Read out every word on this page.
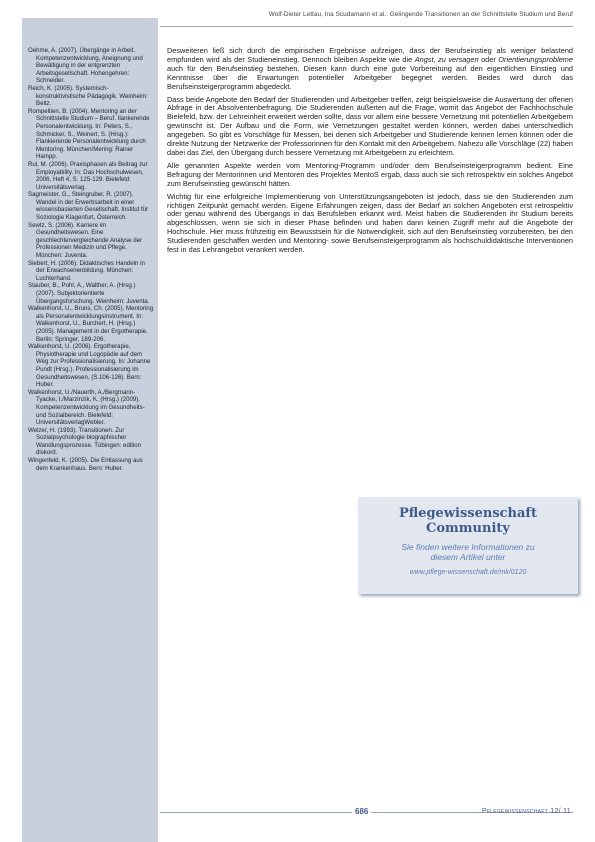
Wolf-Dieter Lettau, Ina Scudamann et al.: Gelingende Transitionen an der Schnittstelle Studium und Beruf

Oehme, A. (2007). Übergänge in Arbeit. Kompetenzentwicklung, Aneignung und Bewältigung in der entgrenzten Arbeitsgesellschaft. Hohengehren: Schneider.

Reich, K. (2005). Systemisch-konstruktivistische Pädagogik. Weinheim: Beltz.

Rompeltien, B. (2004). Mentoring an der Schnittstelle Studium – Beruf. Ilankerende Personalentwicklung. In: Peters, S., Schmicker, S., Weinert, S. (Hrsg.): Flankierende Personalentwicklung durch Mentoring. München/Mering: Rainer Hampp.

Rul, M. (2006). Praxisphasen als Beitrag zur Employability. In: Das Hochschulwesen, 2006, Heft 4, S. 125-129. Bielefeld: Universitätsverlag.

Sagmeister, G., Steingruber, R. (2007). Wandel in der Erwerbsarbeit in einer wissensbasierten Gesellschaft. Institut für Soziologie Klagenfurt, Österreich.

Sewtz, S. (2006). Karriere im Gesundheitswesen. Eine geschlechtervergleichende Analyse der Professionen Medizin und Pflege. München: Juventa.

Siebert, H. (2006). Didaktisches Handeln in der Erwachsenenbildung. München: Luchterhand.

Stauber, B., Pohl, A., Walther, A. (Hrsg.) (2007). Subjektorientierte Übergangsforschung. Weinheim: Juventa.

Walkenhorst, U., Bruns, Ch. (2005). Mentoring als Personalentwicklungsinstrument. In: Walkenhorst, U., Burchert, H. (Hrsg.) (2005). Management in der Ergotherapie. Berlin: Springer, 189-206.

Walkenhorst, U. (2006). Ergotherapie, Physiotherapie und Logopädie auf dem Weg zur Professionalisierung. In: Johanne Pundt (Hrsg.). Professionalisierung im Gesundheitswesen, (S.106-126). Bern: Huber.

Walkenhorst, U./Nauerth, A./Bergmann-Tyacke, I./Marzinzik, K. (Hrsg.) (2009). Kompetenzentwicklung im Gesundheits- und Sozialbereich. Bielefeld: UniversitätsverlagWebler.

Welzer, H. (1993). Transitionen. Zur Sozialpsychologie biographischer Wandlungsprozesse. Tübingen: edition diskord.

Wingenfeld, K. (2005). Die Entlassung aus dem Krankenhaus. Bern: Huber.

Desweiteren ließ sich durch die empirischen Ergebnisse aufzeigen, dass der Berufseinstieg als weniger belastend empfunden wird als der Studieneinstieg. Dennoch bleiben Aspekte wie die Angst, zu versagen oder Orientierungsprobleme auch für den Berufseinstieg bestehen. Diesen kann durch eine gute Vorbereitung auf den eigentlichen Einstieg und Kenntnisse über die Erwartungen potentieller Arbeitgeber begegnet werden. Beides wird durch das Berufseinsteigerprogramm abgedeckt.

Dass beide Angebote den Bedarf der Studierenden und Arbeitgeber treffen, zeigt beispielsweise die Auswertung der offenen Abfrage in der Absolventenbefragung. Die Studierenden äußerten auf die Frage, womit das Angebot der Fachhochschule Bielefeld, bzw. der Lehreinheit erweitert werden sollte, dass vor allem eine bessere Vernetzung mit potentiellen Arbeitgebern gewünscht ist. Der Aufbau und die Form, wie Vernetzungen gestaltet werden können, werden dabei unterschiedlich angegeben. So gibt es Vorschläge für Messen, bei denen sich Arbeitgeber und Studierende kennen lernen können oder die direkte Nutzung der Netzwerke der Professorinnen für den Kontakt mit den Arbeitgebern. Nahezu alle Vorschläge (22) haben dabei das Ziel, den Übergang durch bessere Vernetzung mit Arbeitgebern zu erleichtern.

Alle genannten Aspekte werden vom Mentoring-Programm und/oder dem Berufseinsteigerprogramm bedient. Eine Befragung der Mentorinnen und Mentoren des Projektes MentoS ergab, dass auch sie sich retrospektiv ein solches Angebot zum Berufseinstieg gewünscht hätten.

Wichtig für eine erfolgreiche Implementierung von Unterstützungsangeboten ist jedoch, dass sie den Studierenden zum richtigen Zeitpunkt gemacht werden. Eigene Erfahrungen zeigen, dass der Bedarf an solchen Angeboten erst retrospektiv oder genau während des Übergangs in das Berufsleben erkannt wird. Meist haben die Studierenden ihr Studium bereits abgeschlossen, wenn sie sich in dieser Phase befinden und haben dann keinen Zugriff mehr auf die Angebote der Hochschule. Hier muss frühzeitig ein Bewusstsein für die Notwendigkeit, sich auf den Berufseinstieg vorzubereiten, bei den Studierenden geschaffen werden und Mentoring- sowie Berufseinsteigerprogramm als hochschuldidaktische Interventionen fest in das Lehrangebot verankert werden.

Pflegewissenschaft
Community
Sie finden weitere Informationen zu
diesem Artikel unter
www.pflege-wissenschaft.de/mk/0120
686	Pflegewissenschaft 12/ 11
